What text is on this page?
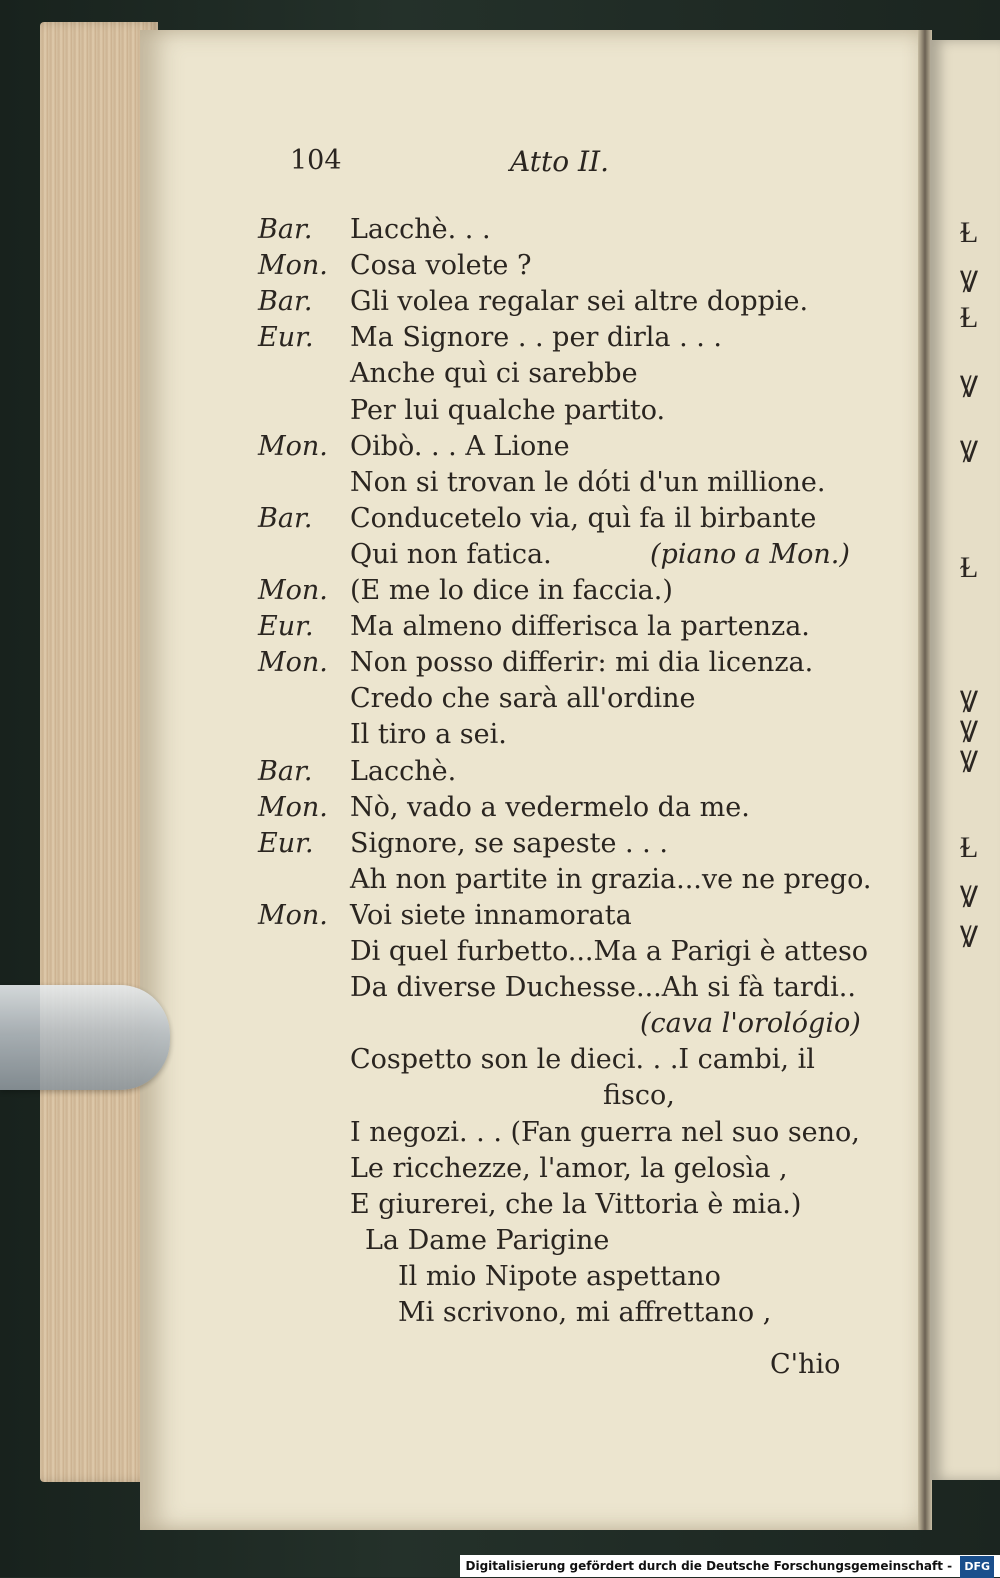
104	Atto II.
Bar. Lacchè. . .
Mon. Cosa volete ?
Bar. Gli volea regalar sei altre doppie.
Eur. Ma Signore . . per dirla . . .
Anche quì ci sarebbe
Per lui qualche partito.
Mon. Oibò. . . A Lione
Non si trovan le dóti d'un millione.
Bar. Conducetelo via, quì fa il birbante
Qui non fatica.	(piano a Mon.)
Mon. (E me lo dice in faccia.)
Eur. Ma almeno differisca la partenza.
Mon. Non posso differir: mi dia licenza.
Credo che sarà all'ordine
Il tiro a sei.
Bar. Lacchè.
Mon. Nò, vado a vedermelo da me.
Eur. Signore, se sapeste . . .
Ah non partite in grazia...ve ne prego.
Mon. Voi siete innamorata
Di quel furbetto...Ma a Parigi è atteso
Da diverse Duchesse...Ah si fà tardi..
(cava l'orológio)
Cospetto son le dieci. . .I cambi, il
fisco,
I negozi. . . (Fan guerra nel suo seno,
Le ricchezze, l'amor, la gelosìa ,
E giurerei, che la Vittoria è mia.)
La Dame Parigine
Il mio Nipote aspettano
Mi scrivono, mi affrettano ,
C'hio
Ɫ
Ꝟ
Ɫ
Ꝟ
Ꝟ
Ɫ
Ꝟ
Ꝟ
Ꝟ
Ɫ
Ꝟ
Ꝟ
Digitalisierung gefördert durch die Deutsche Forschungsgemeinschaft - DFG
